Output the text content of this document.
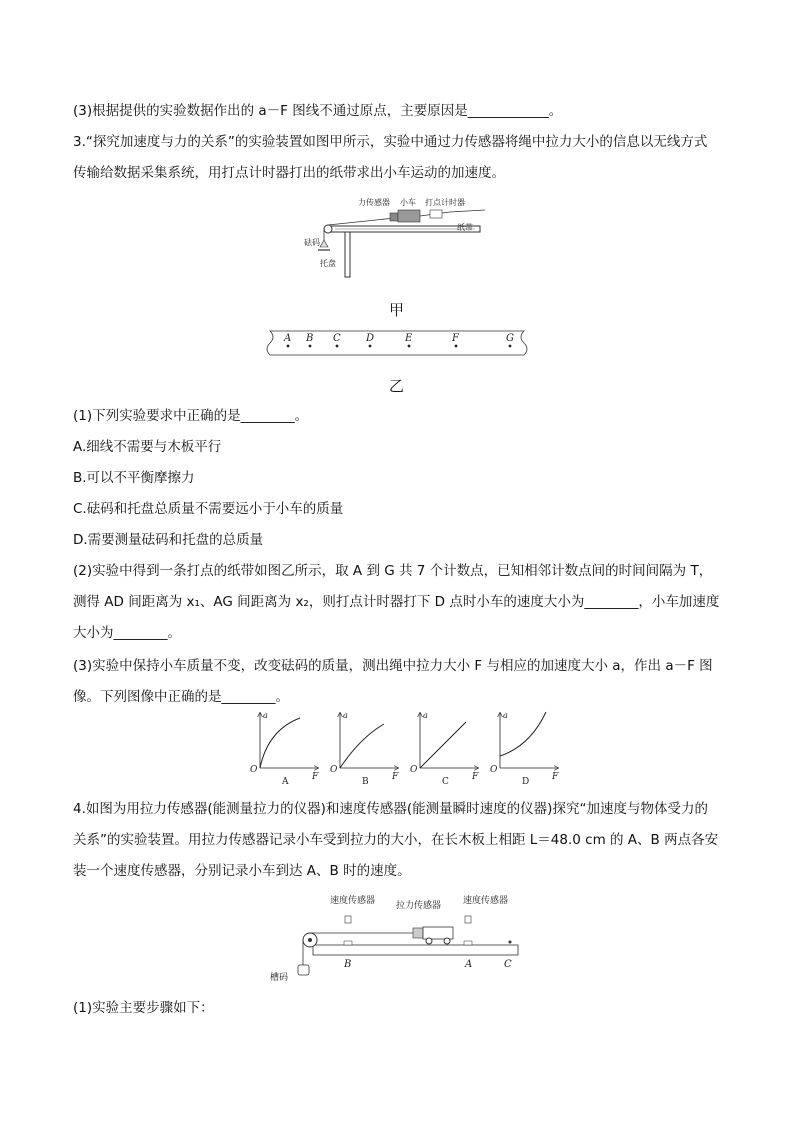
(3)根据提供的实验数据作出的 a－F 图线不通过原点，主要原因是____________。
3.“探究加速度与力的关系”的实验装置如图甲所示，实验中通过力传感器将绳中拉力大小的信息以无线方式
传输给数据采集系统，用打点计时器打出的纸带求出小车运动的加速度。
力传感器 小车 打点计时器
纸带
砝码
托盘
甲
A B C	D	E	F	G
乙
(1)下列实验要求中正确的是________。
A.细线不需要与木板平行
B.可以不平衡摩擦力
C.砝码和托盘总质量不需要远小于小车的质量
D.需要测量砝码和托盘的总质量
(2)实验中得到一条打点的纸带如图乙所示，取 A 到 G 共 7 个计数点，已知相邻计数点间的时间间隔为 T，
测得 AD 间距离为 x₁、AG 间距离为 x₂，则打点计时器打下 D 点时小车的速度大小为________，小车加速度
大小为________。
(3)实验中保持小车质量不变，改变砝码的质量，测出绳中拉力大小 F 与相应的加速度大小 a，作出 a－F 图
像。下列图像中正确的是________。
a
F
O
A
a
F
O
B
a
F
O
C
a
F
O
D
4.如图为用拉力传感器(能测量拉力的仪器)和速度传感器(能测量瞬时速度的仪器)探究“加速度与物体受力的
关系”的实验装置。用拉力传感器记录小车受到拉力的大小，在长木板上相距 L＝48.0 cm 的 A、B 两点各安
装一个速度传感器，分别记录小车到达 A、B 时的速度。
速度传感器 拉力传感器 速度传感器
槽码
B	A	C
(1)实验主要步骤如下：
